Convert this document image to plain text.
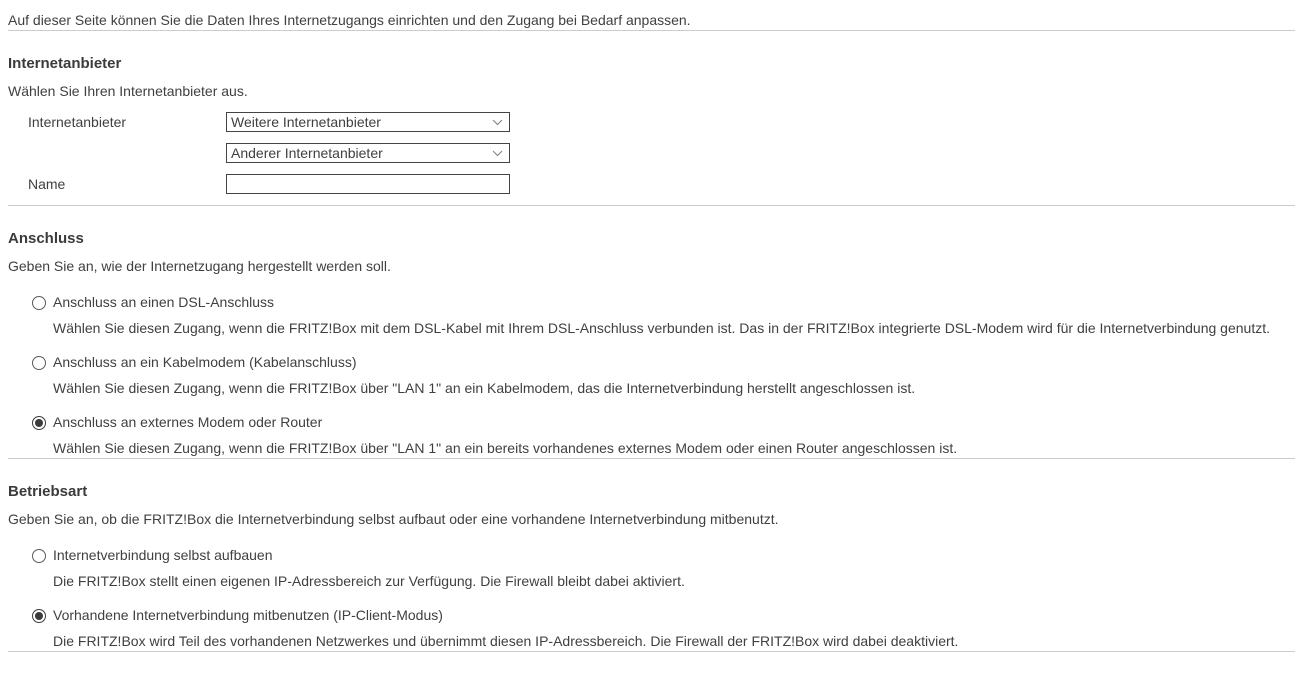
Auf dieser Seite können Sie die Daten Ihres Internetzugangs einrichten und den Zugang bei Bedarf anpassen.
Internetanbieter
Wählen Sie Ihren Internetanbieter aus.
Internetanbieter	Weitere Internetanbieter
Anderer Internetanbieter
Name
Anschluss
Geben Sie an, wie der Internetzugang hergestellt werden soll.
Anschluss an einen DSL-Anschluss
Wählen Sie diesen Zugang, wenn die FRITZ!Box mit dem DSL-Kabel mit Ihrem DSL-Anschluss verbunden ist. Das in der FRITZ!Box integrierte DSL-Modem wird für die Internetverbindung genutzt.
Anschluss an ein Kabelmodem (Kabelanschluss)
Wählen Sie diesen Zugang, wenn die FRITZ!Box über "LAN 1" an ein Kabelmodem, das die Internetverbindung herstellt angeschlossen ist.
Anschluss an externes Modem oder Router
Wählen Sie diesen Zugang, wenn die FRITZ!Box über "LAN 1" an ein bereits vorhandenes externes Modem oder einen Router angeschlossen ist.
Betriebsart
Geben Sie an, ob die FRITZ!Box die Internetverbindung selbst aufbaut oder eine vorhandene Internetverbindung mitbenutzt.
Internetverbindung selbst aufbauen
Die FRITZ!Box stellt einen eigenen IP-Adressbereich zur Verfügung. Die Firewall bleibt dabei aktiviert.
Vorhandene Internetverbindung mitbenutzen (IP-Client-Modus)
Die FRITZ!Box wird Teil des vorhandenen Netzwerkes und übernimmt diesen IP-Adressbereich. Die Firewall der FRITZ!Box wird dabei deaktiviert.
